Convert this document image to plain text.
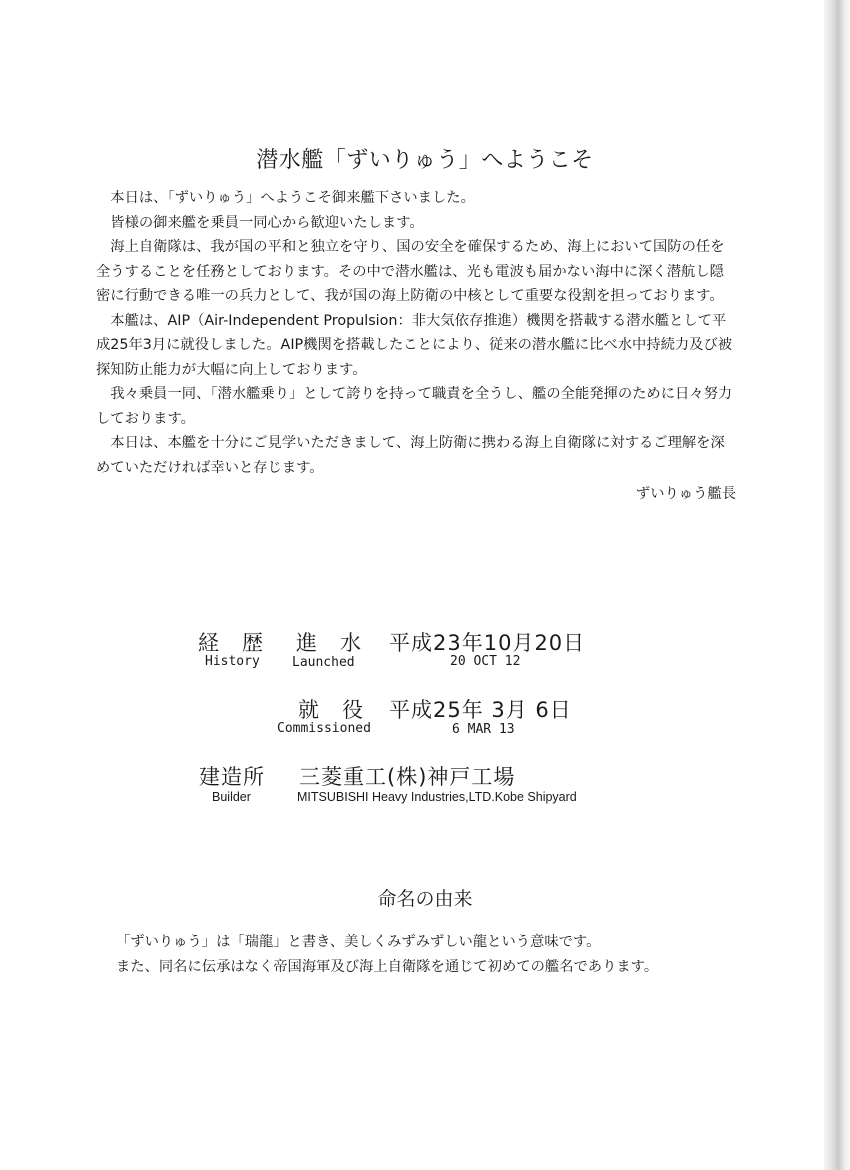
潜水艦「ずいりゅう」へようこそ

本日は、「ずいりゅう」へようこそ御来艦下さいました。

皆様の御来艦を乗員一同心から歓迎いたします。

海上自衛隊は、我が国の平和と独立を守り、国の安全を確保するため、海上において国防の任を全うすることを任務としております。その中で潜水艦は、光も電波も届かない海中に深く潜航し隠密に行動できる唯一の兵力として、我が国の海上防衛の中核として重要な役割を担っております。

本艦は、AIP（Air-Independent Propulsion：非大気依存推進）機関を搭載する潜水艦として平成25年3月に就役しました。AIP機関を搭載したことにより、従来の潜水艦に比べ水中持続力及び被探知防止能力が大幅に向上しております。

我々乗員一同、「潜水艦乗り」として誇りを持って職責を全うし、艦の全能発揮のために日々努力しております。

本日は、本艦を十分にご見学いただきまして、海上防衛に携わる海上自衛隊に対するご理解を深めていただければ幸いと存じます。

ずいりゅう艦長

経　歴
History
進　水
Launched
平成23年10月20日
20 OCT 12
就　役
Commissioned
平成25年 3月 6日
6 MAR 13
建造所
Builder
三菱重工(株)神戸工場
MITSUBISHI Heavy Industries,LTD.Kobe Shipyard
命名の由来

「ずいりゅう」は「瑞龍」と書き、美しくみずみずしい龍という意味です。

また、同名に伝承はなく帝国海軍及び海上自衛隊を通じて初めての艦名であります。
